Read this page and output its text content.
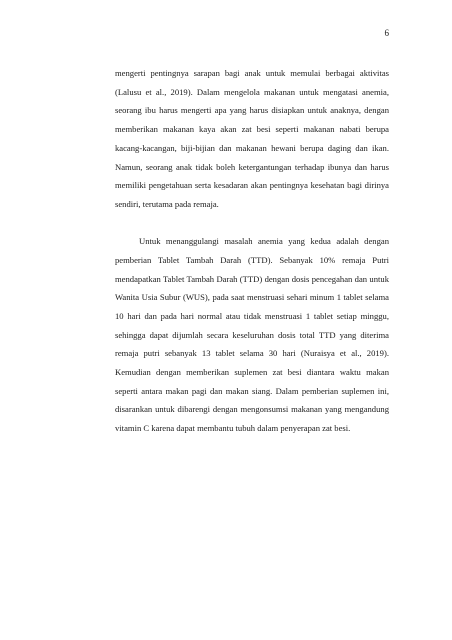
6

mengerti pentingnya sarapan bagi anak untuk memulai berbagai aktivitas (Lalusu et al., 2019). Dalam mengelola makanan untuk mengatasi anemia, seorang ibu harus mengerti apa yang harus disiapkan untuk anaknya, dengan memberikan makanan kaya akan zat besi seperti makanan nabati berupa kacang-kacangan, biji-bijian dan makanan hewani berupa daging dan ikan. Namun, seorang anak tidak boleh ketergantungan terhadap ibunya dan harus memiliki pengetahuan serta kesadaran akan pentingnya kesehatan bagi dirinya sendiri, terutama pada remaja.

Untuk menanggulangi masalah anemia yang kedua adalah dengan pemberian Tablet Tambah Darah (TTD). Sebanyak 10% remaja Putri mendapatkan Tablet Tambah Darah (TTD) dengan dosis pencegahan dan untuk Wanita Usia Subur (WUS), pada saat menstruasi sehari minum 1 tablet selama 10 hari dan pada hari normal atau tidak menstruasi 1 tablet setiap minggu, sehingga dapat dijumlah secara keseluruhan dosis total TTD yang diterima remaja putri sebanyak 13 tablet selama 30 hari (Nuraisya et al., 2019). Kemudian dengan memberikan suplemen zat besi diantara waktu makan seperti antara makan pagi dan makan siang. Dalam pemberian suplemen ini, disarankan untuk dibarengi dengan mengonsumsi makanan yang mengandung vitamin C karena dapat membantu tubuh dalam penyerapan zat besi.
